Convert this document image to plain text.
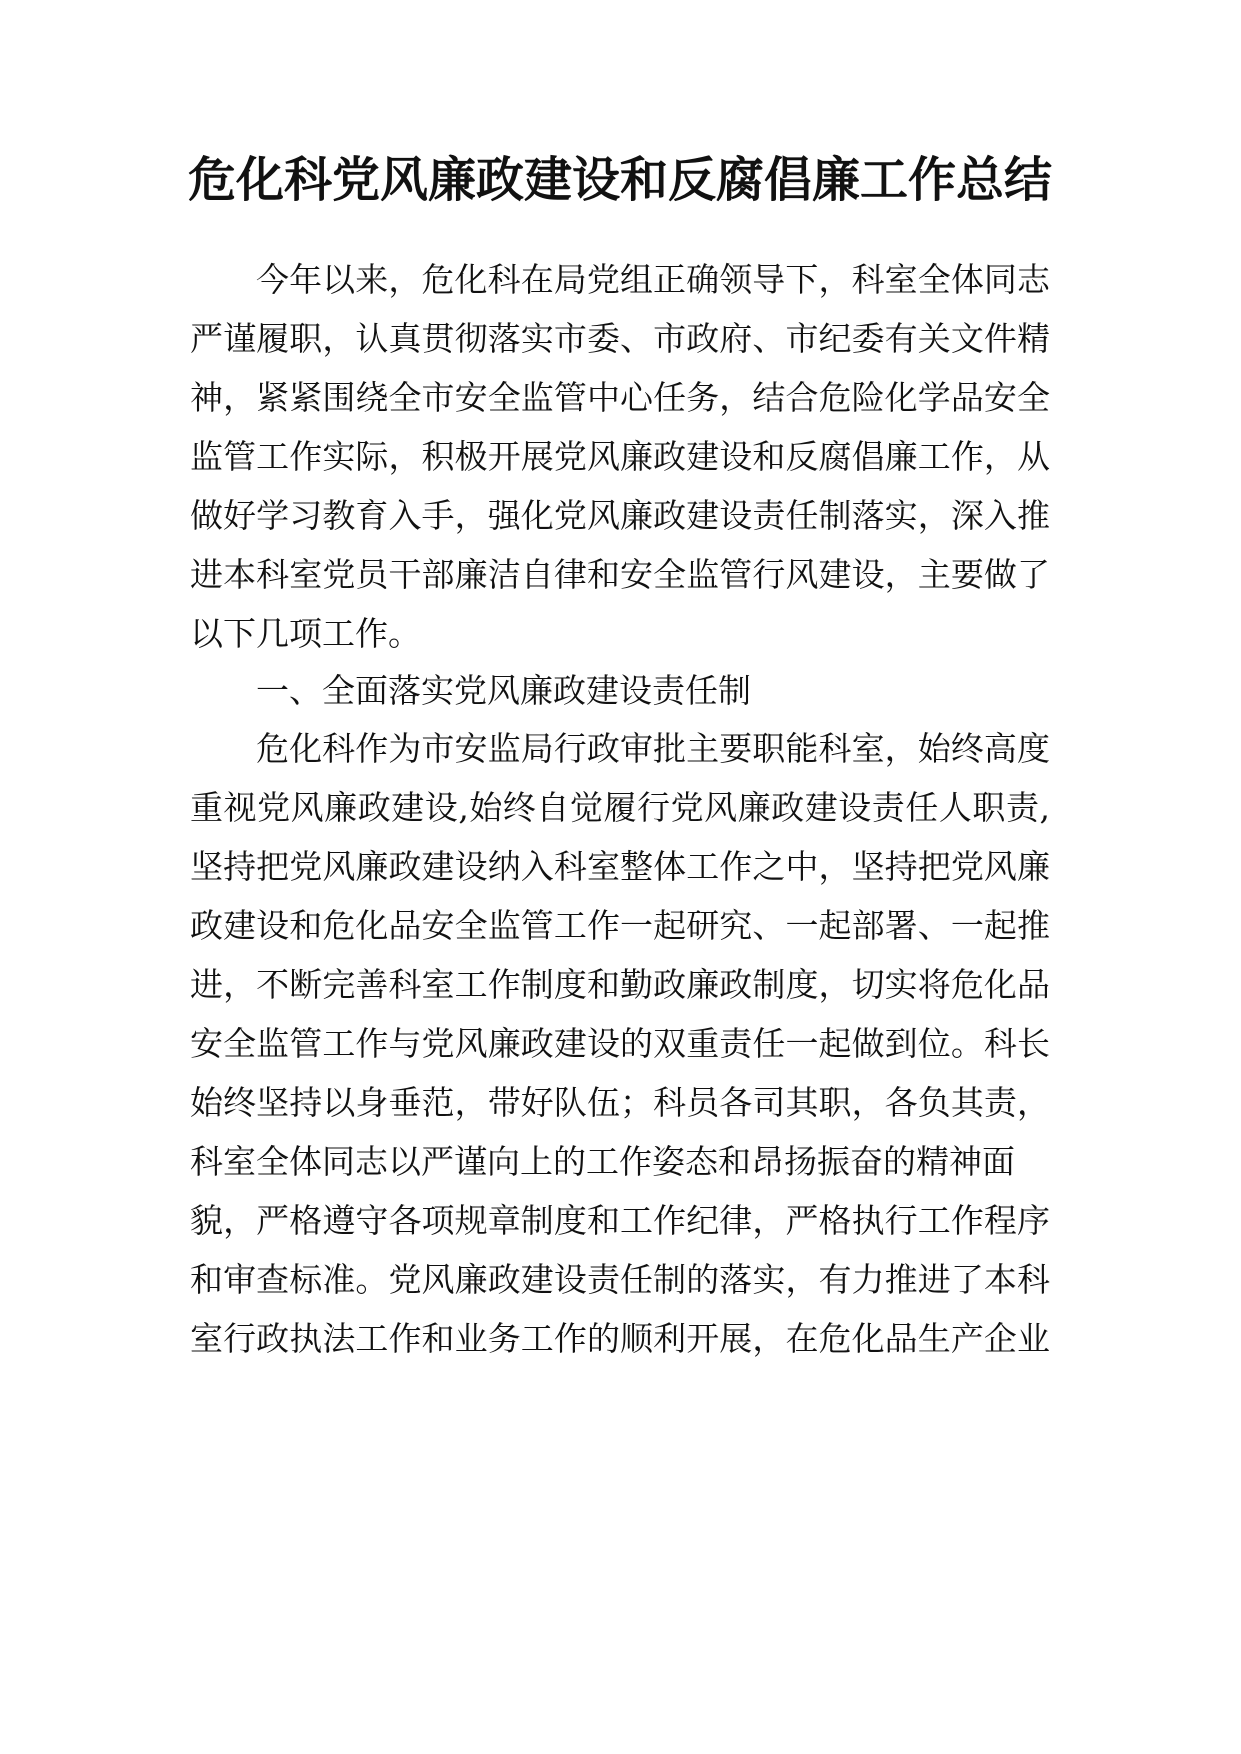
危化科党风廉政建设和反腐倡廉工作总结
今年以来，危化科在局党组正确领导下，科室全体同志
严谨履职，认真贯彻落实市委、市政府、市纪委有关文件精
神，紧紧围绕全市安全监管中心任务，结合危险化学品安全
监管工作实际，积极开展党风廉政建设和反腐倡廉工作，从
做好学习教育入手，强化党风廉政建设责任制落实，深入推
进本科室党员干部廉洁自律和安全监管行风建设，主要做了
以下几项工作。
一、全面落实党风廉政建设责任制
危化科作为市安监局行政审批主要职能科室，始终高度
重视党风廉政建设,始终自觉履行党风廉政建设责任人职责,
坚持把党风廉政建设纳入科室整体工作之中，坚持把党风廉
政建设和危化品安全监管工作一起研究、一起部署、一起推
进，不断完善科室工作制度和勤政廉政制度，切实将危化品
安全监管工作与党风廉政建设的双重责任一起做到位。科长
始终坚持以身垂范，带好队伍；科员各司其职，各负其责，
科室全体同志以严谨向上的工作姿态和昂扬振奋的精神面
貌，严格遵守各项规章制度和工作纪律，严格执行工作程序
和审查标准。党风廉政建设责任制的落实，有力推进了本科
室行政执法工作和业务工作的顺利开展，在危化品生产企业
